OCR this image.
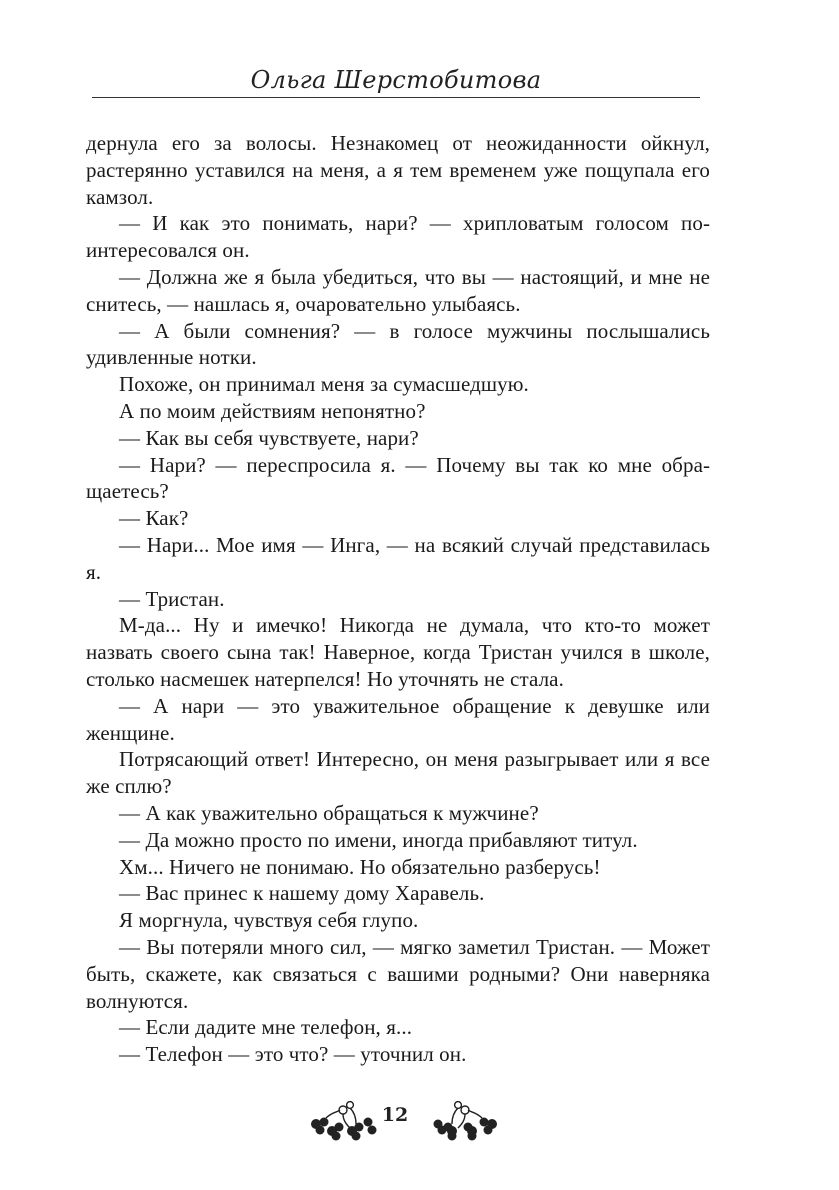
Ольга Шерстобитова

дернула его за волосы. Незнакомец от неожиданности ойкнул, растерянно уставился на меня, а я тем временем уже пощупала его камзол.

— И как это понимать, нари? — хрипловатым голосом поинтересовался он.

— Должна же я была убедиться, что вы — настоящий, и мне не снитесь, — нашлась я, очаровательно улыбаясь.

— А были сомнения? — в голосе мужчины послышались удивленные нотки.

Похоже, он принимал меня за сумасшедшую.

А по моим действиям непонятно?

— Как вы себя чувствуете, нари?

— Нари? — переспросила я. — Почему вы так ко мне обращаетесь?

— Как?

— Нари... Мое имя — Инга, — на всякий случай представилась я.

— Тристан.

М-да... Ну и имечко! Никогда не думала, что кто-то может назвать своего сына так! Наверное, когда Тристан учился в школе, столько насмешек натерпелся! Но уточнять не стала.

— А нари — это уважительное обращение к девушке или женщине.

Потрясающий ответ! Интересно, он меня разыгрывает или я все же сплю?

— А как уважительно обращаться к мужчине?

— Да можно просто по имени, иногда прибавляют титул.

Хм... Ничего не понимаю. Но обязательно разберусь!

— Вас принес к нашему дому Харавель.

Я моргнула, чувствуя себя глупо.

— Вы потеряли много сил, — мягко заметил Тристан. — Может быть, скажете, как связаться с вашими родными? Они наверняка волнуются.

— Если дадите мне телефон, я...

— Телефон — это что? — уточнил он.

12
